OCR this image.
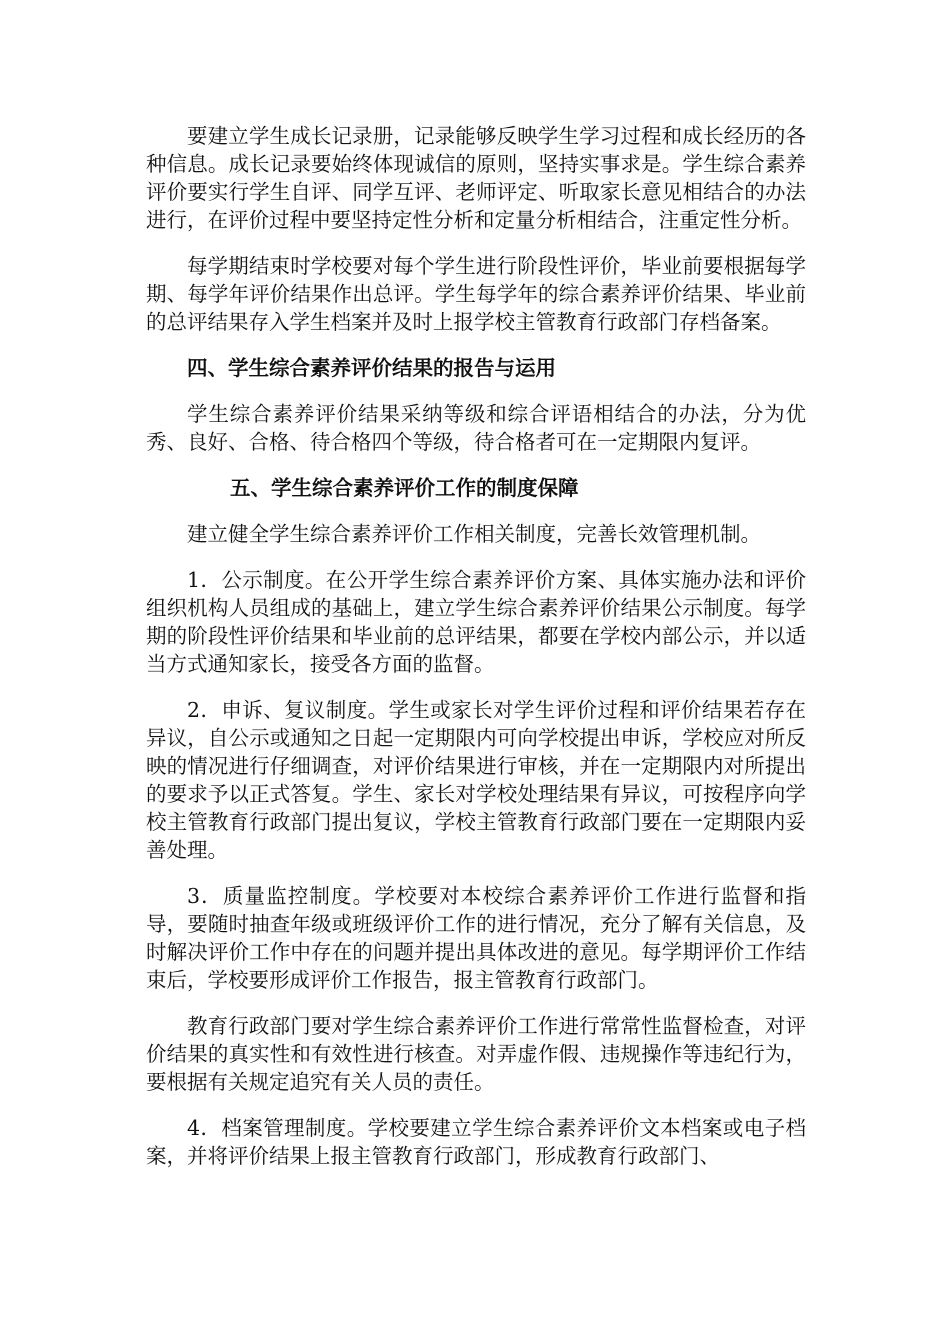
要建立学生成长记录册，记录能够反映学生学习过程和成长经历的各种信息。成长记录要始终体现诚信的原则，坚持实事求是。学生综合素养评价要实行学生自评、同学互评、老师评定、听取家长意见相结合的办法进行，在评价过程中要坚持定性分析和定量分析相结合，注重定性分析。

每学期结束时学校要对每个学生进行阶段性评价，毕业前要根据每学期、每学年评价结果作出总评。学生每学年的综合素养评价结果、毕业前的总评结果存入学生档案并及时上报学校主管教育行政部门存档备案。

四、学生综合素养评价结果的报告与运用

学生综合素养评价结果采纳等级和综合评语相结合的办法，分为优秀、良好、合格、待合格四个等级，待合格者可在一定期限内复评。

五、学生综合素养评价工作的制度保障

建立健全学生综合素养评价工作相关制度，完善长效管理机制。

1．公示制度。在公开学生综合素养评价方案、具体实施办法和评价组织机构人员组成的基础上，建立学生综合素养评价结果公示制度。每学期的阶段性评价结果和毕业前的总评结果，都要在学校内部公示，并以适当方式通知家长，接受各方面的监督。

2．申诉、复议制度。学生或家长对学生评价过程和评价结果若存在异议，自公示或通知之日起一定期限内可向学校提出申诉，学校应对所反映的情况进行仔细调查，对评价结果进行审核，并在一定期限内对所提出的要求予以正式答复。学生、家长对学校处理结果有异议，可按程序向学校主管教育行政部门提出复议，学校主管教育行政部门要在一定期限内妥善处理。

3．质量监控制度。学校要对本校综合素养评价工作进行监督和指导，要随时抽查年级或班级评价工作的进行情况，充分了解有关信息，及时解决评价工作中存在的问题并提出具体改进的意见。每学期评价工作结束后，学校要形成评价工作报告，报主管教育行政部门。

教育行政部门要对学生综合素养评价工作进行常常性监督检查，对评价结果的真实性和有效性进行核查。对弄虚作假、违规操作等违纪行为，要根据有关规定追究有关人员的责任。

4．档案管理制度。学校要建立学生综合素养评价文本档案或电子档案，并将评价结果上报主管教育行政部门，形成教育行政部门、
